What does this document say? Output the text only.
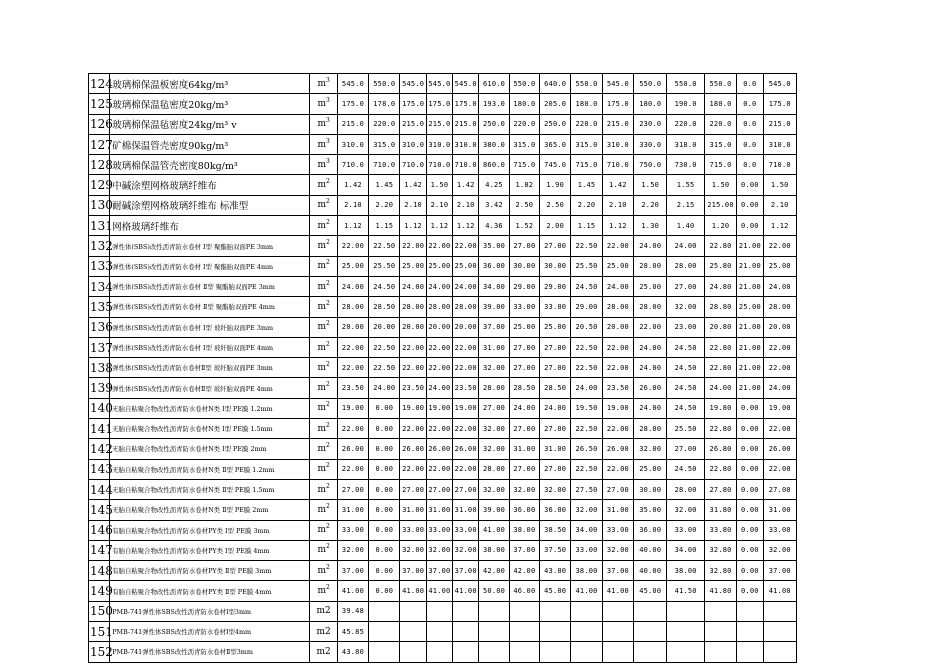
124	玻璃棉保温板密度64kg/m³	$m^3$	545.0	550.0	545.0	545.0	545.0	610.0	550.0	640.0	550.0	545.0	550.0	550.0	550.0	0.0	545.0
125	玻璃棉保温毡密度20kg/m³	$m^3$	175.0	178.0	175.0	175.0	175.0	193.0	180.0	205.0	180.0	175.0	180.0	190.0	180.0	0.0	175.0
126	玻璃棉保温毡密度24kg/m³ v	$m^3$	215.0	220.0	215.0	215.0	215.0	250.0	220.0	250.0	220.0	215.0	230.0	220.0	220.0	0.0	215.0
127	矿棉保温管壳密度90kg/m³	$m^3$	310.0	315.0	310.0	310.0	310.0	380.0	315.0	365.0	315.0	310.0	330.0	318.0	315.0	0.0	310.0
128	玻璃棉保温管壳密度80kg/m³	$m^3$	710.0	710.0	710.0	710.0	710.0	860.0	715.0	745.0	715.0	710.0	750.0	730.0	715.0	0.0	710.0
129	中碱涂塑网格玻璃纤维布	$m^2$	1.42	1.45	1.42	1.50	1.42	4.25	1.82	1.90	1.45	1.42	1.50	1.55	1.50	0.00	1.50
130	耐碱涂塑网格玻璃纤维布 标准型	$m^2$	2.10	2.20	2.10	2.10	2.10	3.42	2.50	2.50	2.20	2.10	2.20	2.15	215.00	0.00	2.10
131	网格玻璃纤维布	$m^2$	1.12	1.15	1.12	1.12	1.12	4.36	1.52	2.00	1.15	1.12	1.30	1.40	1.20	0.00	1.12
132	弹性体(SBS)改性沥青防水卷材 I型 聚酯胎双面PE 3mm	$m^2$	22.00	22.50	22.00	22.00	22.00	35.00	27.00	27.00	22.50	22.00	24.00	24.00	22.80	21.00	22.00
133	弹性体(SBS)改性沥青防水卷材 I型 聚酯胎双面PE 4mm	$m^2$	25.00	25.50	25.00	25.00	25.00	36.00	30.00	30.00	25.50	25.00	28.00	28.00	25.80	21.00	25.00
134	弹性体(SBS)改性沥青防水卷材 Ⅱ型 聚酯胎双面PE 3mm	$m^2$	24.00	24.50	24.00	24.00	24.00	34.00	29.00	29.00	24.50	24.00	25.00	27.00	24.80	21.00	24.00
135	弹性体(SBS)改性沥青防水卷材 Ⅱ型 聚酯胎双面PE 4mm	$m^2$	28.00	28.50	28.00	28.00	28.00	39.00	33.00	33.00	29.00	28.00	28.00	32.00	28.80	25.00	28.00
136	弹性体(SBS)改性沥青防水卷材 I型 玻纤胎双面PE 3mm	$m^2$	20.00	20.00	20.00	20.00	20.00	37.00	25.00	25.00	20.50	20.00	22.00	23.00	20.80	21.00	20.00
137	弹性体(SBS)改性沥青防水卷材 I型 玻纤胎双面PE 4mm	$m^2$	22.00	22.50	22.00	22.00	22.00	31.00	27.00	27.00	22.50	22.00	24.00	24.50	22.80	21.00	22.00
138	弹性体(SBS)改性沥青防水卷材Ⅱ型 玻纤胎双面PE 3mm	$m^2$	22.00	22.50	22.00	22.00	22.00	32.00	27.00	27.00	22.50	22.00	24.00	24.50	22.80	21.00	22.00
139	弹性体(SBS)改性沥青防水卷材Ⅱ型 玻纤胎双面PE 4mm	$m^2$	23.50	24.00	23.50	24.00	23.50	28.00	28.50	28.50	24.00	23.50	26.00	24.50	24.00	21.00	24.00
140	无胎自粘聚合物改性沥青防水卷材N类 I型 PE膜 1.2mm	$m^2$	19.00	0.00	19.00	19.00	19.00	27.00	24.00	24.00	19.50	19.00	24.00	24.50	19.80	0.00	19.00
141	无胎自粘聚合物改性沥青防水卷材N类 I型 PE膜 1.5mm	$m^2$	22.00	0.00	22.00	22.00	22.00	32.00	27.00	27.00	22.50	22.00	28.00	25.50	22.80	0.00	22.00
142	无胎自粘聚合物改性沥青防水卷材N类 I型 PE膜 2mm	$m^2$	26.00	0.00	26.00	26.00	26.00	32.00	31.00	31.00	26.50	26.00	32.00	27.00	26.80	0.00	26.00
143	无胎自粘聚合物改性沥青防水卷材N类 Ⅱ型 PE膜 1.2mm	$m^2$	22.00	0.00	22.00	22.00	22.00	28.00	27.00	27.00	22.50	22.00	25.00	24.50	22.80	0.00	22.00
144	无胎自粘聚合物改性沥青防水卷材N类 Ⅱ型 PE膜 1.5mm	$m^2$	27.00	0.00	27.00	27.00	27.00	32.00	32.00	32.00	27.50	27.00	30.00	28.00	27.80	0.00	27.00
145	无胎自粘聚合物改性沥青防水卷材N类 Ⅱ型 PE膜 2mm	$m^2$	31.00	0.00	31.00	31.00	31.00	39.00	36.00	36.00	32.00	31.00	35.00	32.00	31.80	0.00	31.00
146	有胎自粘聚合物改性沥青防水卷材PY类 I型 PE膜 3mm	$m^2$	33.00	0.00	33.00	33.00	33.00	41.00	38.00	38.50	34.00	33.00	36.00	33.00	33.80	0.00	33.00
147	有胎自粘聚合物改性沥青防水卷材PY类 I型 PE膜 4mm	$m^2$	32.00	0.00	32.00	32.00	32.00	38.00	37.00	37.50	33.00	32.00	40.00	34.00	32.80	0.00	32.00
148	有胎自粘聚合物改性沥青防水卷材PY类 Ⅱ型 PE膜 3mm	$m^2$	37.00	0.00	37.00	37.00	37.00	42.00	42.00	43.00	38.00	37.00	40.00	38.00	32.80	0.00	37.00
149	有胎自粘聚合物改性沥青防水卷材PY类 Ⅱ型 PE膜 4mm	$m^2$	41.00	0.00	41.00	41.00	41.00	50.00	46.00	45.00	41.00	41.00	45.00	41.50	41.80	0.00	41.00
150	PMB-741弹性体SBS改性沥青防水卷材I型3mm	m2	39.48														
151	PMB-741弹性体SBS改性沥青防水卷材I型4mm	m2	45.85														
152	PMB-741弹性体SBS改性沥青防水卷材Ⅱ型3mm	m2	43.80														
